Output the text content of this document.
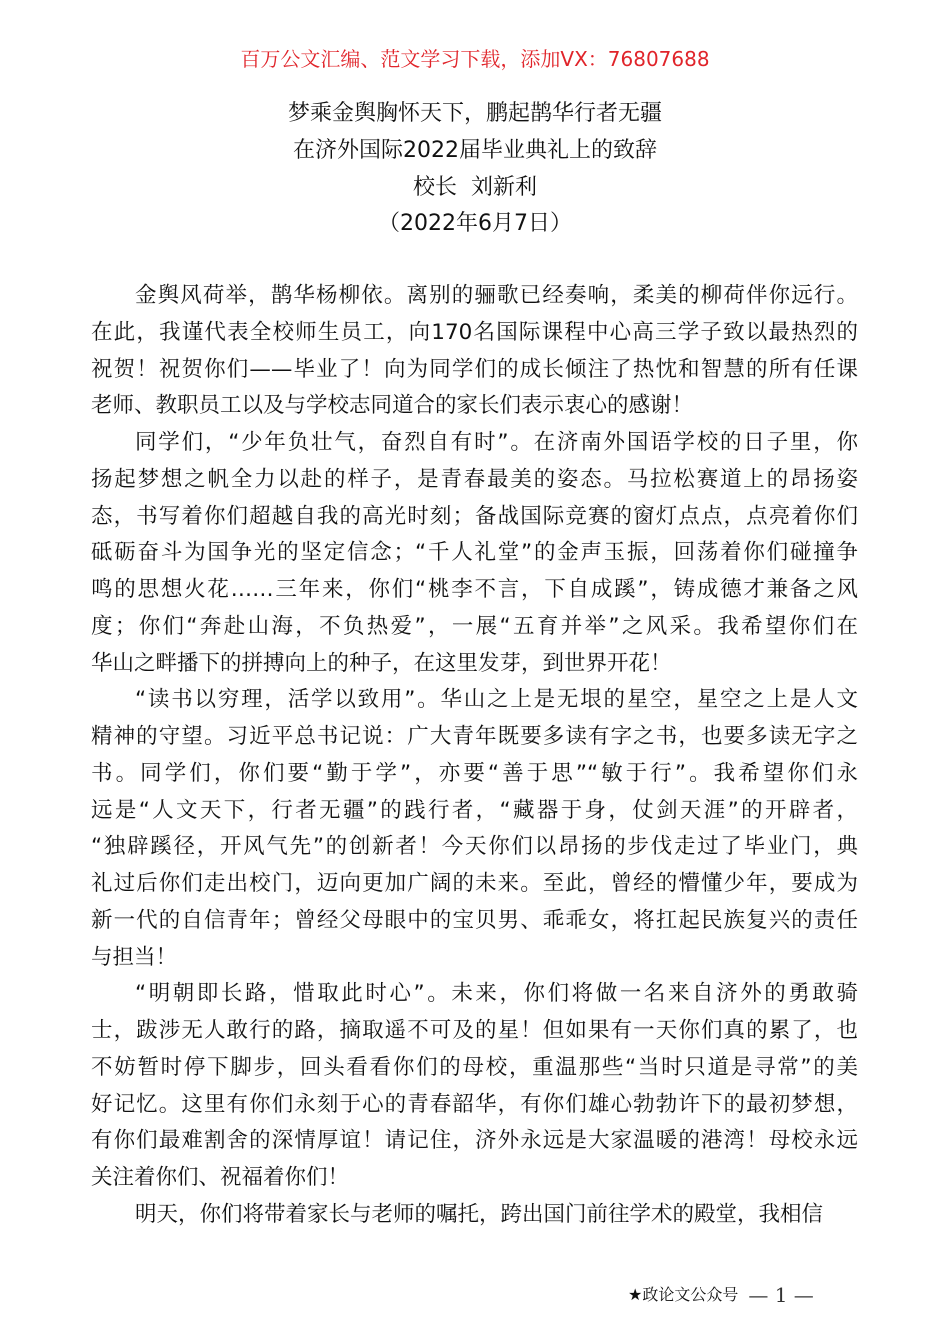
百万公文汇编、范文学习下载，添加VX：76807688
梦乘金舆胸怀天下，鹏起鹊华行者无疆
在济外国际2022届毕业典礼上的致辞
校长  刘新利
（2022年6月7日）
金舆风荷举，鹊华杨柳依。离别的骊歌已经奏响，柔美的柳荷伴你远行。
在此，我谨代表全校师生员工，向170名国际课程中心高三学子致以最热烈的
祝贺！祝贺你们——毕业了！向为同学们的成长倾注了热忱和智慧的所有任课
老师、教职员工以及与学校志同道合的家长们表示衷心的感谢！
同学们，“少年负壮气，奋烈自有时”。在济南外国语学校的日子里，你
扬起梦想之帆全力以赴的样子，是青春最美的姿态。马拉松赛道上的昂扬姿
态，书写着你们超越自我的高光时刻；备战国际竞赛的窗灯点点，点亮着你们
砥砺奋斗为国争光的坚定信念；“千人礼堂”的金声玉振，回荡着你们碰撞争
鸣的思想火花……三年来，你们“桃李不言，下自成蹊”，铸成德才兼备之风
度；你们“奔赴山海，不负热爱”，一展“五育并举”之风采。我希望你们在
华山之畔播下的拼搏向上的种子，在这里发芽，到世界开花！
“读书以穷理，活学以致用”。华山之上是无垠的星空，星空之上是人文
精神的守望。习近平总书记说：广大青年既要多读有字之书，也要多读无字之
书。同学们，你们要“勤于学”，亦要“善于思”“敏于行”。我希望你们永
远是“人文天下，行者无疆”的践行者，“藏器于身，仗剑天涯”的开辟者，
“独辟蹊径，开风气先”的创新者！今天你们以昂扬的步伐走过了毕业门，典
礼过后你们走出校门，迈向更加广阔的未来。至此，曾经的懵懂少年，要成为
新一代的自信青年；曾经父母眼中的宝贝男、乖乖女，将扛起民族复兴的责任
与担当！
“明朝即长路，惜取此时心”。未来，你们将做一名来自济外的勇敢骑
士，跋涉无人敢行的路，摘取遥不可及的星！但如果有一天你们真的累了，也
不妨暂时停下脚步，回头看看你们的母校，重温那些“当时只道是寻常”的美
好记忆。这里有你们永刻于心的青春韶华，有你们雄心勃勃许下的最初梦想，
有你们最难割舍的深情厚谊！请记住，济外永远是大家温暖的港湾！母校永远
关注着你们、祝福着你们！
明天，你们将带着家长与老师的嘱托，跨出国门前往学术的殿堂，我相信
★政论文公众号 — 1 —
